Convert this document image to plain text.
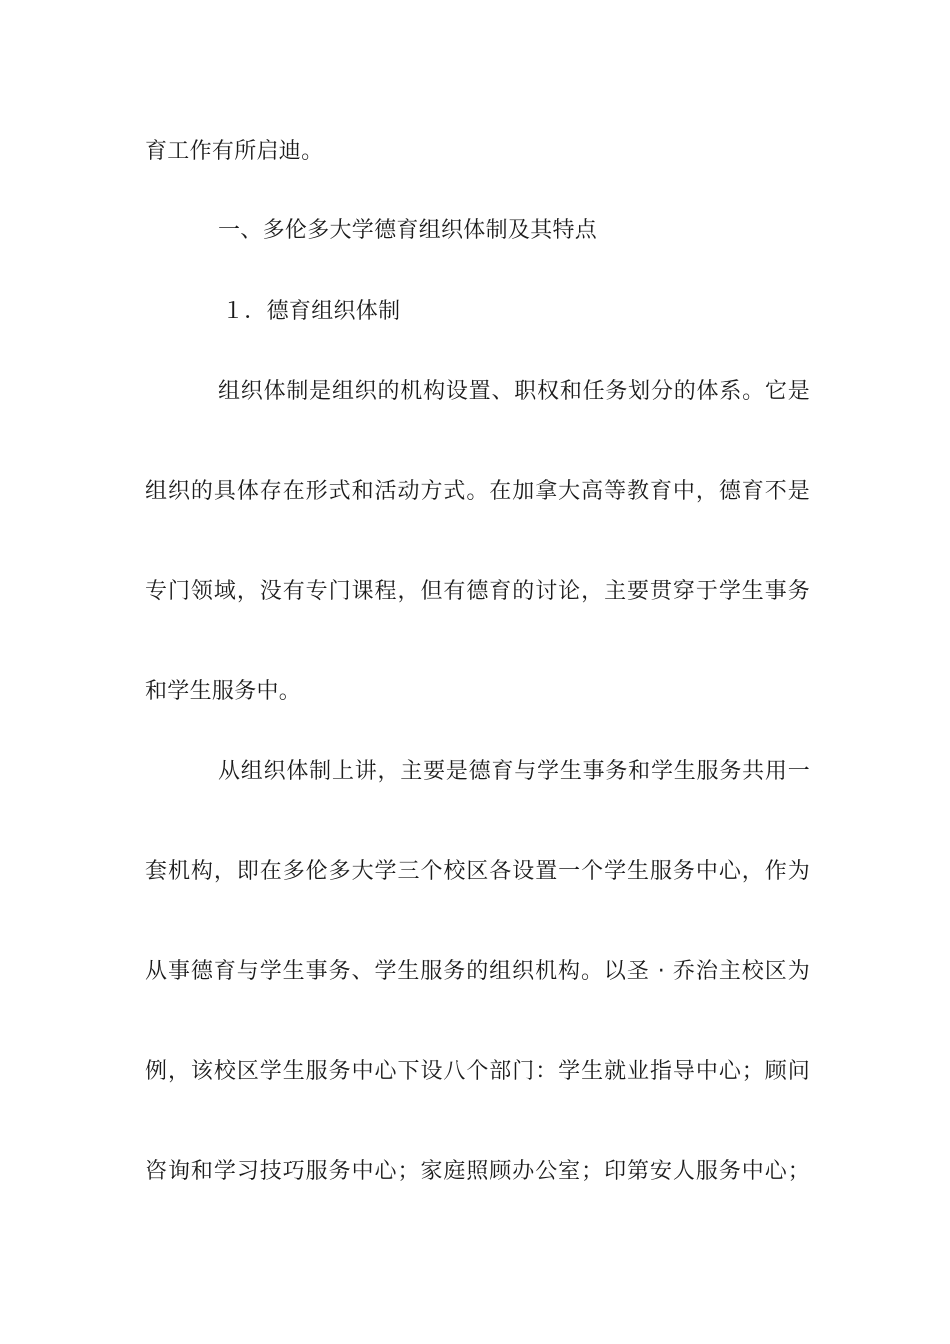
育工作有所启迪。
一、多伦多大学德育组织体制及其特点
１．德育组织体制
组织体制是组织的机构设置、职权和任务划分的体系。它是
组织的具体存在形式和活动方式。在加拿大高等教育中，德育不是
专门领域，没有专门课程，但有德育的讨论，主要贯穿于学生事务
和学生服务中。
从组织体制上讲，主要是德育与学生事务和学生服务共用一
套机构，即在多伦多大学三个校区各设置一个学生服务中心，作为
从事德育与学生事务、学生服务的组织机构。以圣 · 乔治主校区为
例，该校区学生服务中心下设八个部门：学生就业指导中心；顾问
咨询和学习技巧服务中心；家庭照顾办公室；印第安人服务中心；
